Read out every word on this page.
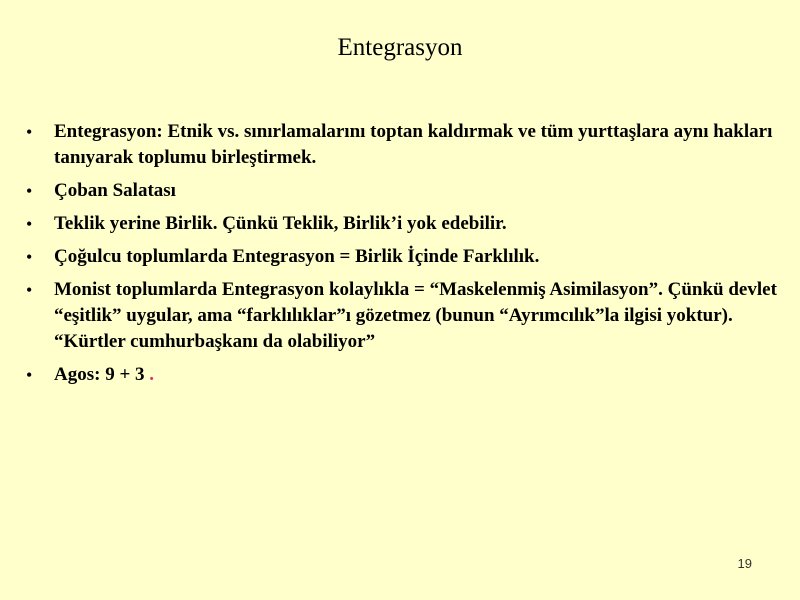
Entegrasyon
• Entegrasyon: Etnik vs. sınırlamalarını toptan kaldırmak ve tüm yurttaşlara aynı hakları tanıyarak toplumu birleştirmek.
• Çoban Salatası
• Teklik yerine Birlik. Çünkü Teklik, Birlik’i yok edebilir.
• Çoğulcu toplumlarda Entegrasyon = Birlik İçinde Farklılık.
• Monist toplumlarda Entegrasyon kolaylıkla = “Maskelenmiş Asimilasyon”. Çünkü devlet “eşitlik” uygular, ama “farklılıklar”ı gözetmez (bunun “Ayrımcılık”la ilgisi yoktur). “Kürtler cumhurbaşkanı da olabiliyor”
• Agos: 9 + 3 .
19
